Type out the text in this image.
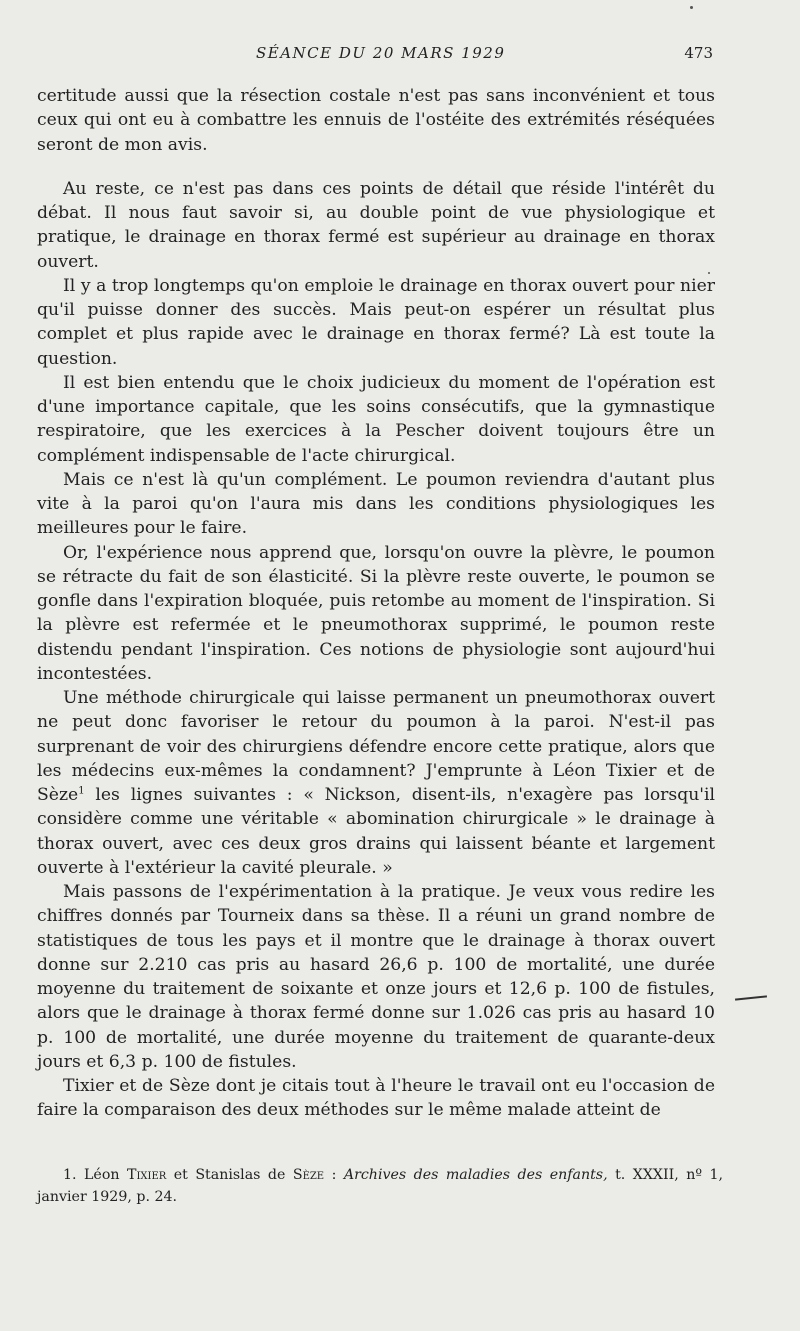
SÉANCE DU 20 MARS 1929	473

certitude aussi que la résection costale n'est pas sans inconvénient et tous ceux qui ont eu à combattre les ennuis de l'ostéite des extrémités réséquées seront de mon avis.

Au reste, ce n'est pas dans ces points de détail que réside l'intérêt du débat. Il nous faut savoir si, au double point de vue physiologique et pratique, le drainage en thorax fermé est supérieur au drainage en thorax ouvert.

Il y a trop longtemps qu'on emploie le drainage en thorax ouvert pour nier qu'il puisse donner des succès. Mais peut-on espérer un résultat plus complet et plus rapide avec le drainage en thorax fermé? Là est toute la question.

Il est bien entendu que le choix judicieux du moment de l'opération est d'une importance capitale, que les soins consécutifs, que la gymnastique respiratoire, que les exercices à la Pescher doivent toujours être un complément indispensable de l'acte chirurgical.

Mais ce n'est là qu'un complément. Le poumon reviendra d'autant plus vite à la paroi qu'on l'aura mis dans les conditions physiologiques les meilleures pour le faire.

Or, l'expérience nous apprend que, lorsqu'on ouvre la plèvre, le poumon se rétracte du fait de son élasticité. Si la plèvre reste ouverte, le poumon se gonfle dans l'expiration bloquée, puis retombe au moment de l'inspiration. Si la plèvre est refermée et le pneumothorax supprimé, le poumon reste distendu pendant l'inspiration. Ces notions de physiologie sont aujourd'hui incontestées.

Une méthode chirurgicale qui laisse permanent un pneumothorax ouvert ne peut donc favoriser le retour du poumon à la paroi. N'est-il pas surprenant de voir des chirurgiens défendre encore cette pratique, alors que les médecins eux-mêmes la condamnent? J'emprunte à Léon Tixier et de Sèze$^1$ les lignes suivantes : « Nickson, disent-ils, n'exagère pas lorsqu'il considère comme une véritable « abomination chirurgicale » le drainage à thorax ouvert, avec ces deux gros drains qui laissent béante et largement ouverte à l'extérieur la cavité pleurale. »

Mais passons de l'expérimentation à la pratique. Je veux vous redire les chiffres donnés par Tourneix dans sa thèse. Il a réuni un grand nombre de statistiques de tous les pays et il montre que le drainage à thorax ouvert donne sur 2.210 cas pris au hasard 26,6 p. 100 de mortalité, une durée moyenne du traitement de soixante et onze jours et 12,6 p. 100 de fistules, alors que le drainage à thorax fermé donne sur 1.026 cas pris au hasard 10 p. 100 de mortalité, une durée moyenne du traitement de quarante-deux jours et 6,3 p. 100 de fistules.

Tixier et de Sèze dont je citais tout à l'heure le travail ont eu l'occasion de faire la comparaison des deux méthodes sur le même malade atteint de

1. Léon Tixier et Stanislas de Sèze : Archives des maladies des enfants, t. XXXII, nº 1, janvier 1929, p. 24.
